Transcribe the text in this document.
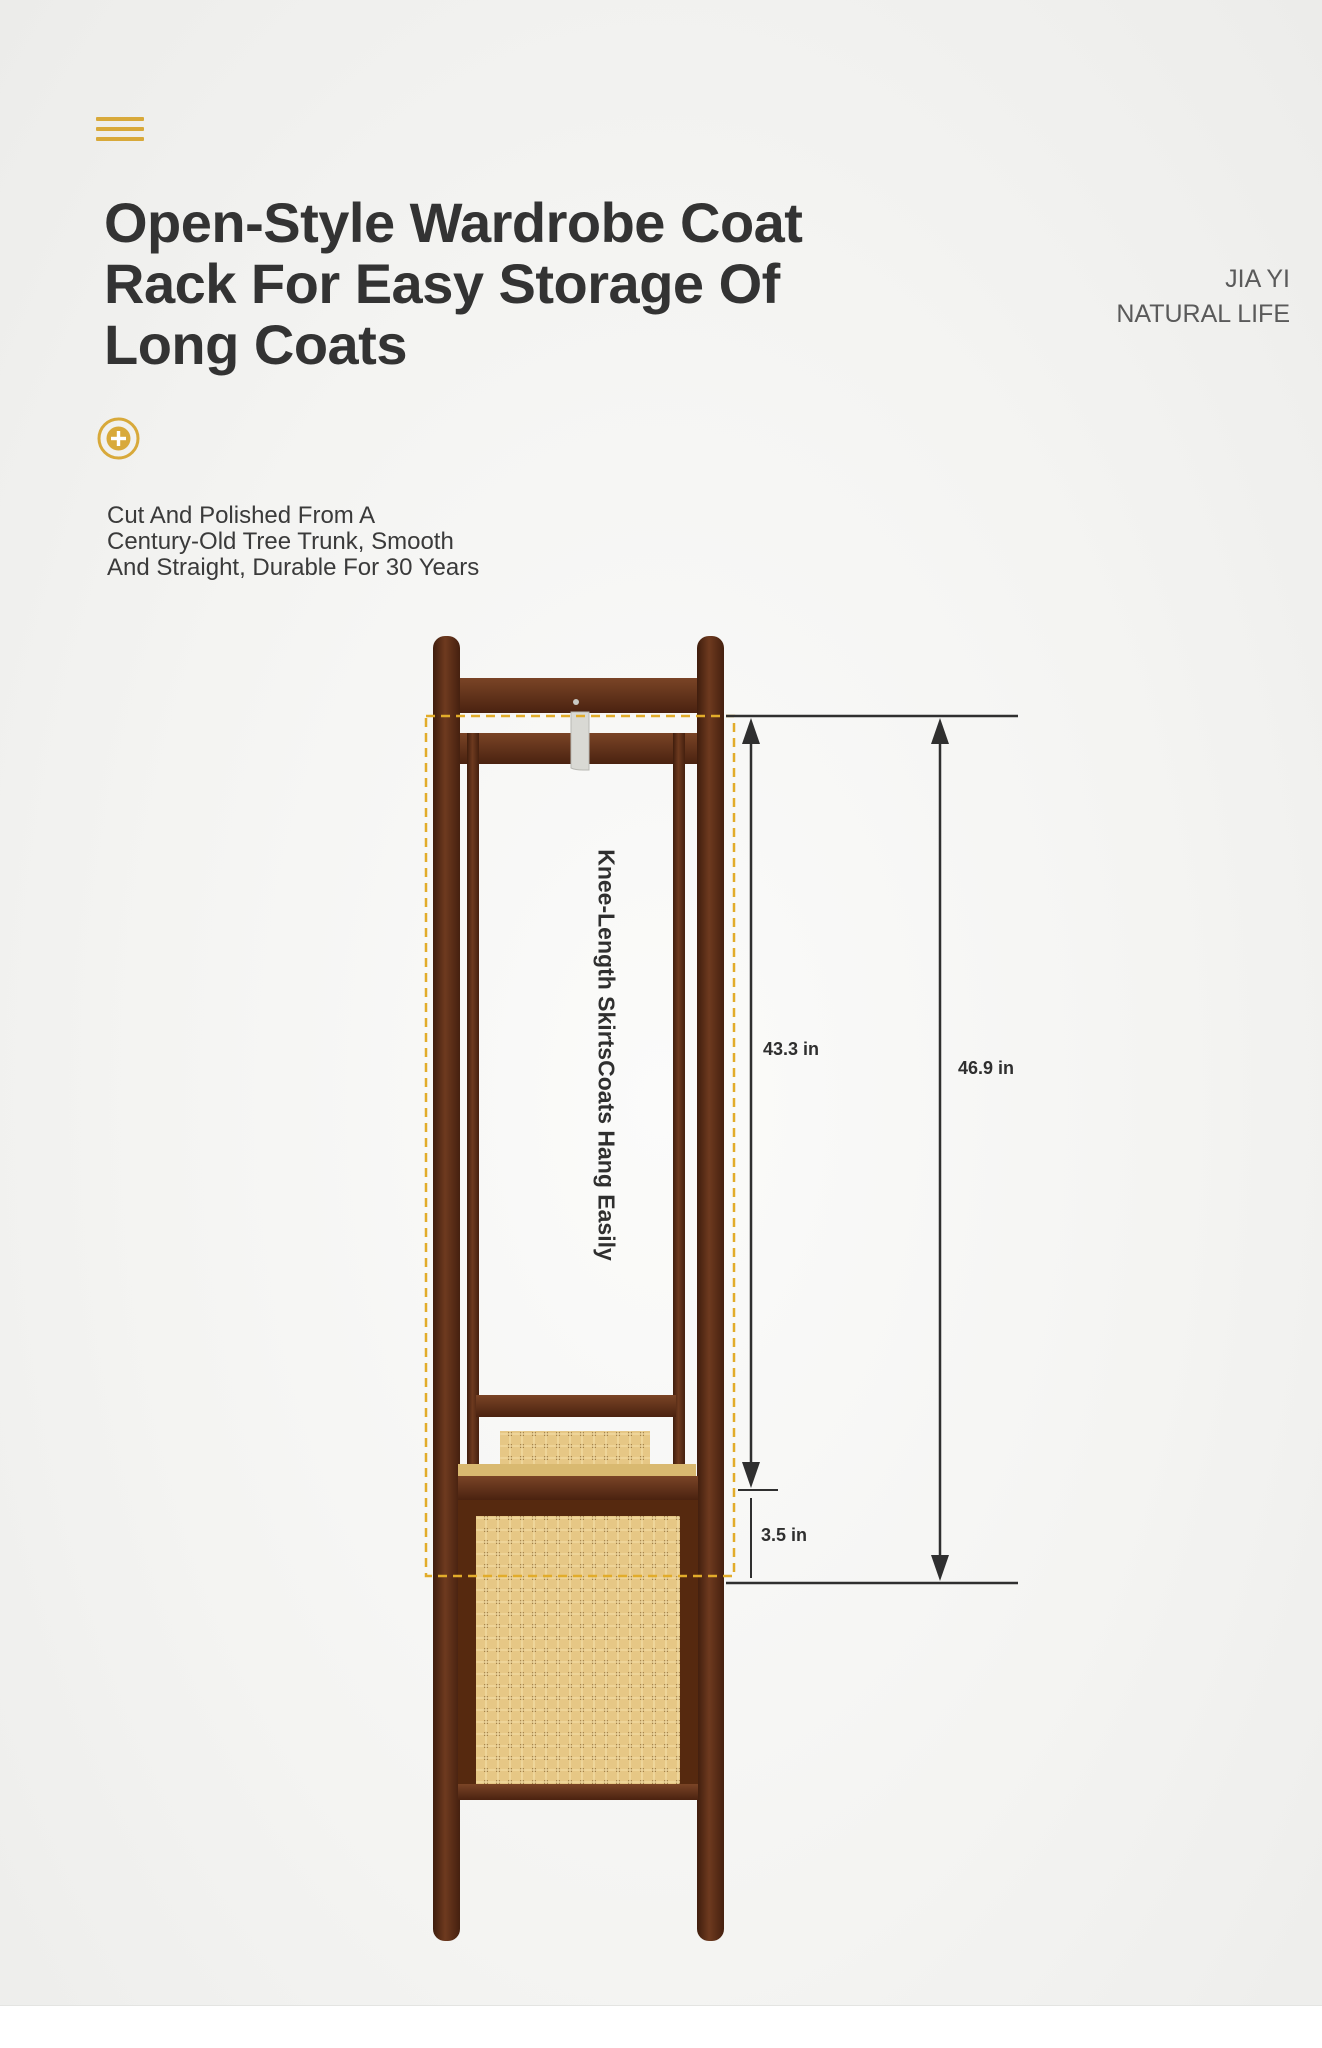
Open-Style Wardrobe Coat
Rack For Easy Storage Of
Long Coats
JIA YI
NATURAL LIFE

Cut And Polished From A
Century-Old Tree Trunk, Smooth
And Straight, Durable For 30 Years

Knee-Length SkirtsCoats Hang Easily	43.3 in
46.9 in
3.5 in
